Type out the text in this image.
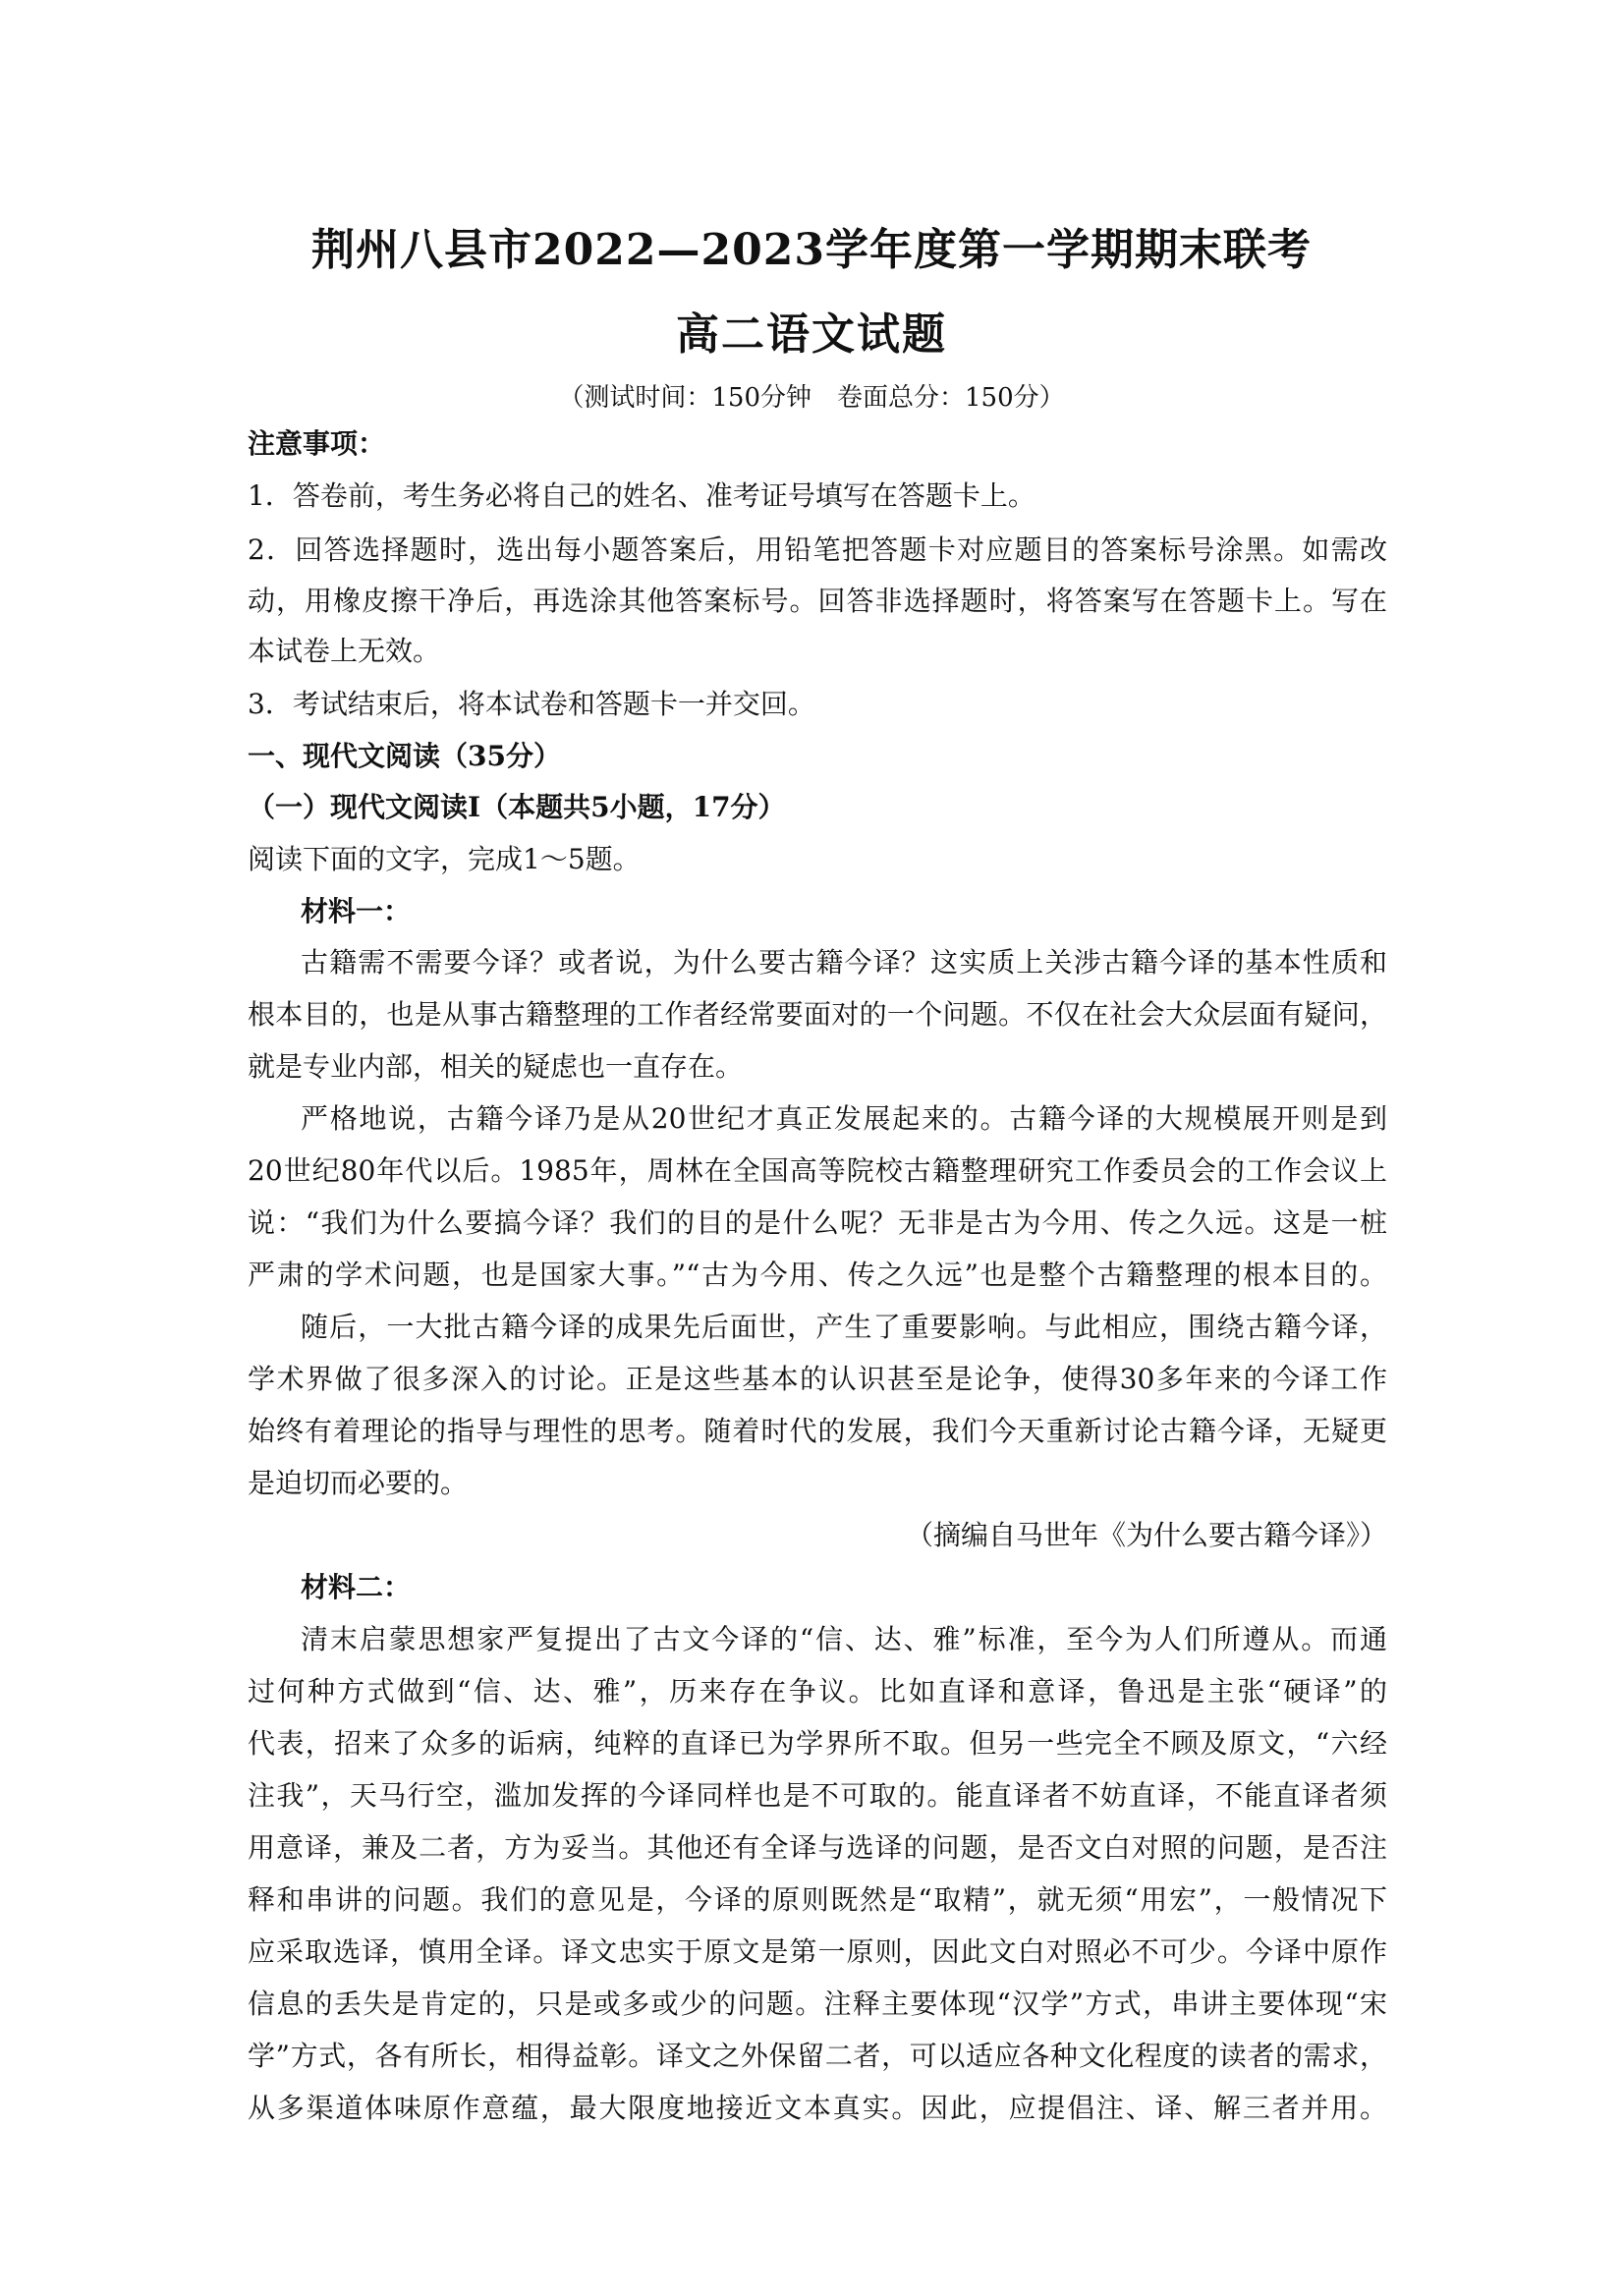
荆州八县市2022—2023学年度第一学期期末联考
高二语文试题
（测试时间：150分钟　卷面总分：150分）
注意事项：
1．答卷前，考生务必将自己的姓名、准考证号填写在答题卡上。
2．回答选择题时，选出每小题答案后，用铅笔把答题卡对应题目的答案标号涂黑。如需改
动，用橡皮擦干净后，再选涂其他答案标号。回答非选择题时，将答案写在答题卡上。写在
本试卷上无效。
3．考试结束后，将本试卷和答题卡一并交回。
一、现代文阅读（35分）
（一）现代文阅读Ⅰ（本题共5小题，17分）
阅读下面的文字，完成1～5题。
材料一：
古籍需不需要今译？或者说，为什么要古籍今译？这实质上关涉古籍今译的基本性质和
根本目的，也是从事古籍整理的工作者经常要面对的一个问题。不仅在社会大众层面有疑问，
就是专业内部，相关的疑虑也一直存在。
严格地说，古籍今译乃是从20世纪才真正发展起来的。古籍今译的大规模展开则是到
20世纪80年代以后。1985年，周林在全国高等院校古籍整理研究工作委员会的工作会议上
说：“我们为什么要搞今译？我们的目的是什么呢？无非是古为今用、传之久远。这是一桩
严肃的学术问题，也是国家大事。”“古为今用、传之久远”也是整个古籍整理的根本目的。
随后，一大批古籍今译的成果先后面世，产生了重要影响。与此相应，围绕古籍今译，
学术界做了很多深入的讨论。正是这些基本的认识甚至是论争，使得30多年来的今译工作
始终有着理论的指导与理性的思考。随着时代的发展，我们今天重新讨论古籍今译，无疑更
是迫切而必要的。
（摘编自马世年《为什么要古籍今译》）
材料二：
清末启蒙思想家严复提出了古文今译的“信、达、雅”标准，至今为人们所遵从。而通
过何种方式做到“信、达、雅”，历来存在争议。比如直译和意译，鲁迅是主张“硬译”的
代表，招来了众多的诟病，纯粹的直译已为学界所不取。但另一些完全不顾及原文，“六经
注我”，天马行空，滥加发挥的今译同样也是不可取的。能直译者不妨直译，不能直译者须
用意译，兼及二者，方为妥当。其他还有全译与选译的问题，是否文白对照的问题，是否注
释和串讲的问题。我们的意见是，今译的原则既然是“取精”，就无须“用宏”，一般情况下
应采取选译，慎用全译。译文忠实于原文是第一原则，因此文白对照必不可少。今译中原作
信息的丢失是肯定的，只是或多或少的问题。注释主要体现“汉学”方式，串讲主要体现“宋
学”方式，各有所长，相得益彰。译文之外保留二者，可以适应各种文化程度的读者的需求，
从多渠道体味原作意蕴，最大限度地接近文本真实。因此，应提倡注、译、解三者并用。
